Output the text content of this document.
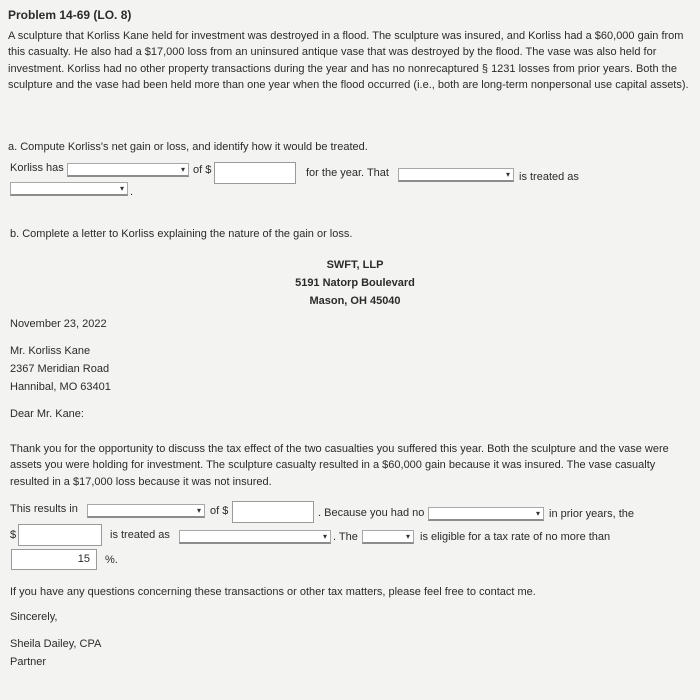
Problem 14-69 (LO. 8)
A sculpture that Korliss Kane held for investment was destroyed in a flood. The sculpture was insured, and Korliss had a $60,000 gain from this casualty. He also had a $17,000 loss from an uninsured antique vase that was destroyed by the flood. The vase was also held for investment. Korliss had no other property transactions during the year and has no nonrecaptured § 1231 losses from prior years. Both the sculpture and the vase had been held more than one year when the flood occurred (i.e., both are long-term nonpersonal use capital assets).
a. Compute Korliss's net gain or loss, and identify how it would be treated.
Korliss has	▾ of $	for the year. That	▾ is treated as
▾ .
b. Complete a letter to Korliss explaining the nature of the gain or loss.
SWFT, LLP
5191 Natorp Boulevard
Mason, OH 45040
November 23, 2022
Mr. Korliss Kane
2367 Meridian Road
Hannibal, MO 63401
Dear Mr. Kane:
Thank you for the opportunity to discuss the tax effect of the two casualties you suffered this year. Both the sculpture and the vase were assets you were holding for investment. The sculpture casualty resulted in a $60,000 gain because it was insured. The vase casualty resulted in a $17,000 loss because it was not insured.
This results in	▾ of $	. Because you had no	▾ in prior years, the
$	is treated as	▾ . The	▾ is eligible for a tax rate of no more than
15	%.
If you have any questions concerning these transactions or other tax matters, please feel free to contact me.
Sincerely,
Sheila Dailey, CPA
Partner
